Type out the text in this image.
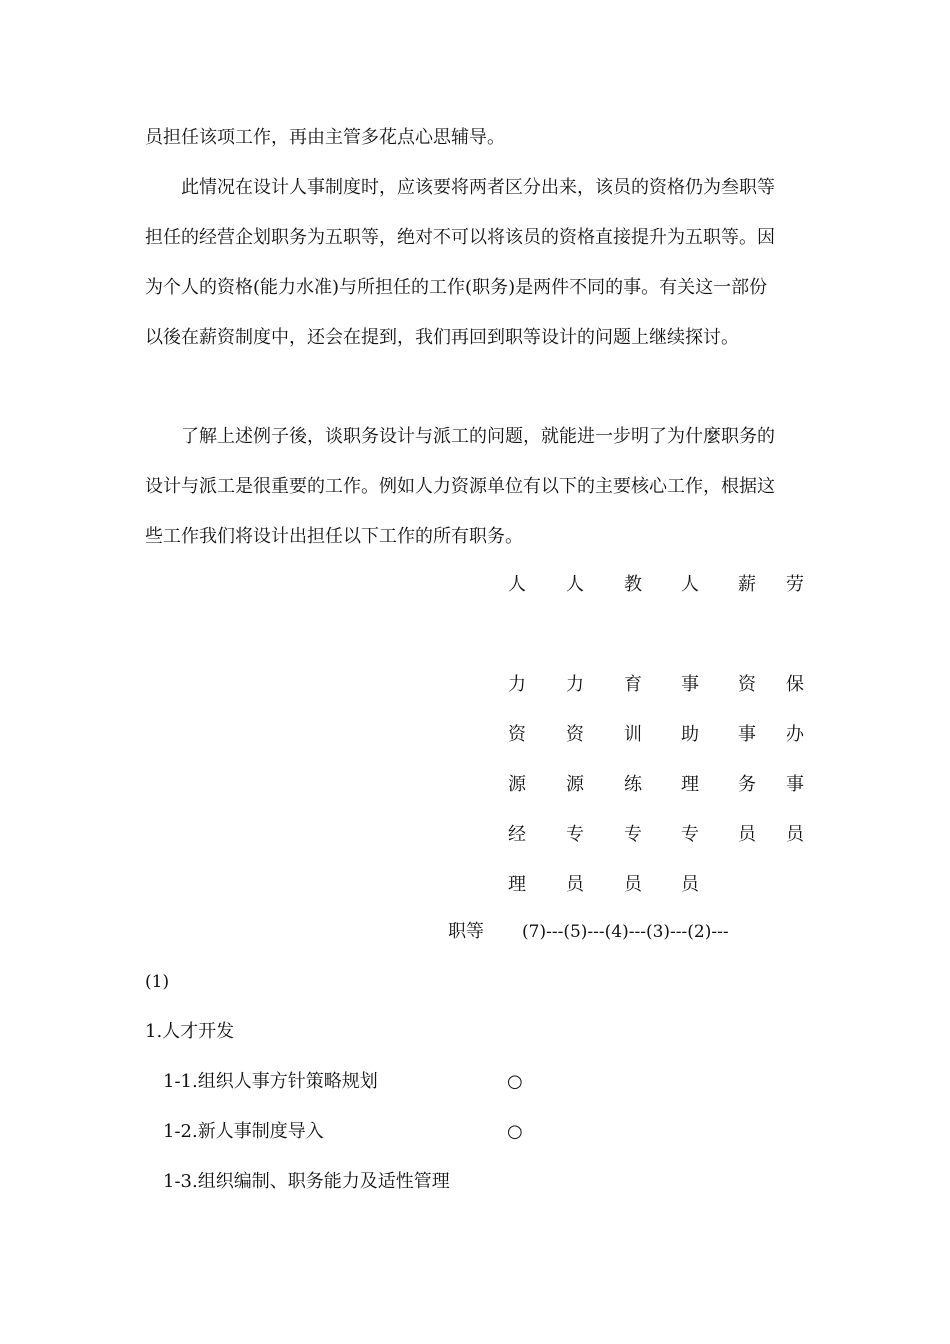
员担任该项工作，再由主管多花点心思辅导。
此情况在设计人事制度时，应该要将两者区分出来，该员的资格仍为叁职等
担任的经营企划职务为五职等，绝对不可以将该员的资格直接提升为五职等。因
为个人的资格(能力水准)与所担任的工作(职务)是两件不同的事。有关这一部份
以後在薪资制度中，还会在提到，我们再回到职等设计的问题上继续探讨。
了解上述例子後，谈职务设计与派工的问题，就能进一步明了为什麼职务的
设计与派工是很重要的工作。例如人力资源单位有以下的主要核心工作，根据这
些工作我们将设计出担任以下工作的所有职务。
人
力
资
源
经
理
人
力
资
源
专
员
教
育
训
练
专
员
人
事
助
理
专
员
薪
资
事
务
员
劳
保
办
事
员
职等 (7)---(5)---(4)---(3)---(2)---
(1)
1.人才开发
1-1.组织人事方针策略规划	○
1-2.新人事制度导入	○
1-3.组织编制、职务能力及适性管理
